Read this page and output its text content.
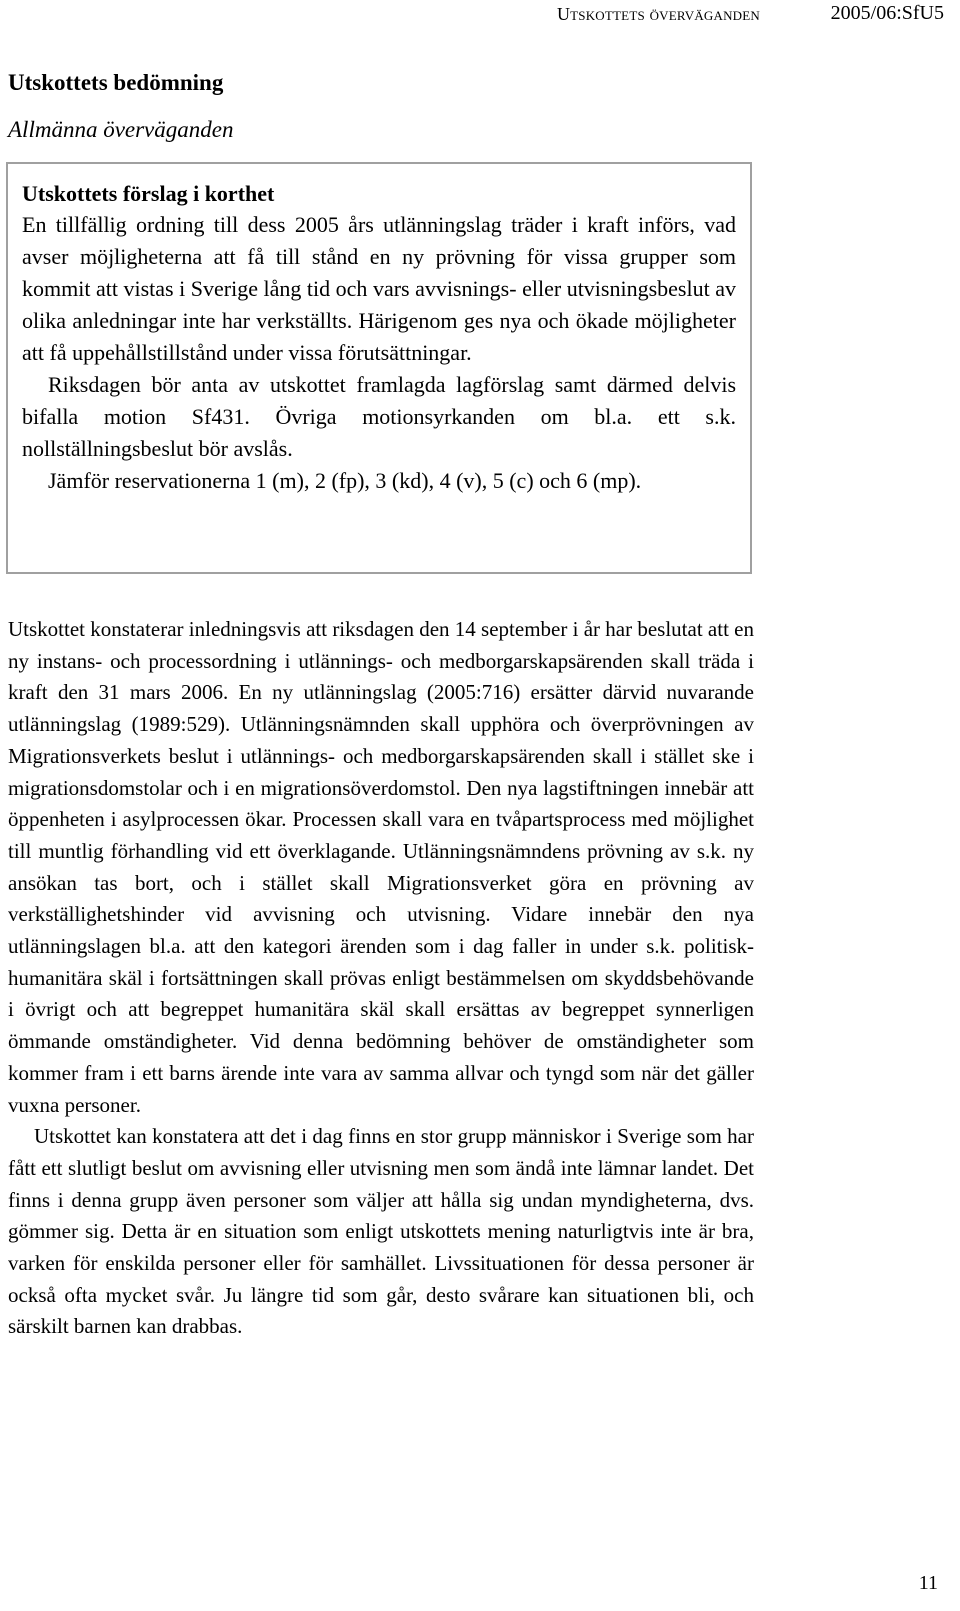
Utskottets överväganden	2005/06:SfU5
Utskottets bedömning
Allmänna överväganden
Utskottets förslag i korthet

En tillfällig ordning till dess 2005 års utlänningslag träder i kraft införs, vad avser möjligheterna att få till stånd en ny prövning för vissa grupper som kommit att vistas i Sverige lång tid och vars avvisnings- eller utvisningsbeslut av olika anledningar inte har verkställts. Härigenom ges nya och ökade möjligheter att få uppehållstillstånd under vissa förutsättningar.

Riksdagen bör anta av utskottet framlagda lagförslag samt därmed delvis bifalla motion Sf431. Övriga motionsyrkanden om bl.a. ett s.k. nollställningsbeslut bör avslås.

Jämför reservationerna 1 (m), 2 (fp), 3 (kd), 4 (v), 5 (c) och 6 (mp).

Utskottet konstaterar inledningsvis att riksdagen den 14 september i år har beslutat att en ny instans- och processordning i utlännings- och medborgarskapsärenden skall träda i kraft den 31 mars 2006. En ny utlänningslag (2005:716) ersätter därvid nuvarande utlänningslag (1989:529). Utlänningsnämnden skall upphöra och överprövningen av Migrationsverkets beslut i utlännings- och medborgarskapsärenden skall i stället ske i migrationsdomstolar och i en migrationsöverdomstol. Den nya lagstiftningen innebär att öppenheten i asylprocessen ökar. Processen skall vara en tvåpartsprocess med möjlighet till muntlig förhandling vid ett överklagande. Utlänningsnämndens prövning av s.k. ny ansökan tas bort, och i stället skall Migrationsverket göra en prövning av verkställighetshinder vid avvisning och utvisning. Vidare innebär den nya utlänningslagen bl.a. att den kategori ärenden som i dag faller in under s.k. politisk-humanitära skäl i fortsättningen skall prövas enligt bestämmelsen om skyddsbehövande i övrigt och att begreppet humanitära skäl skall ersättas av begreppet synnerligen ömmande omständigheter. Vid denna bedömning behöver de omständigheter som kommer fram i ett barns ärende inte vara av samma allvar och tyngd som när det gäller vuxna personer.

Utskottet kan konstatera att det i dag finns en stor grupp människor i Sverige som har fått ett slutligt beslut om avvisning eller utvisning men som ändå inte lämnar landet. Det finns i denna grupp även personer som väljer att hålla sig undan myndigheterna, dvs. gömmer sig. Detta är en situation som enligt utskottets mening naturligtvis inte är bra, varken för enskilda personer eller för samhället. Livssituationen för dessa personer är också ofta mycket svår. Ju längre tid som går, desto svårare kan situationen bli, och särskilt barnen kan drabbas.

11
